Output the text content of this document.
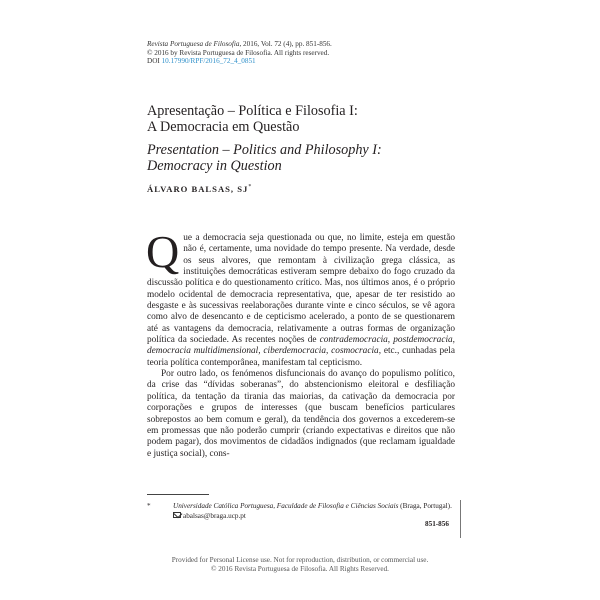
Revista Portuguesa de Filosofia, 2016, Vol. 72 (4), pp. 851-856.
© 2016 by Revista Portuguesa de Filosofia. All rights reserved.
DOI 10.17990/RPF/2016_72_4_0851
Apresentação – Política e Filosofia I:
A Democracia em Questão
Presentation – Politics and Philosophy I:
Democracy in Question
ÁLVARO BALSAS, SJ*

Que a democracia seja questionada ou que, no limite, esteja em questão não é, certamente, uma novidade do tempo presente. Na verdade, desde os seus alvores, que remontam à civilização grega clássica, as instituições democráticas estiveram sempre debaixo do fogo cruzado da discussão política e do questionamento crítico. Mas, nos últimos anos, é o próprio modelo ocidental de democracia representativa, que, apesar de ter resistido ao desgaste e às sucessivas reelaborações durante vinte e cinco séculos, se vê agora como alvo de desencanto e de cepticismo acelerado, a ponto de se questionarem até as vantagens da democracia, relativamente a outras formas de organização política da sociedade. As recentes noções de contrademocracia, postdemocracia, democracia multidimensional, ciberdemocracia, cosmocracia, etc., cunhadas pela teoria política contemporânea, manifestam tal cepticismo.

Por outro lado, os fenómenos disfuncionais do avanço do populismo político, da crise das “dívidas soberanas”, do abstencionismo eleitoral e desfiliação política, da tentação da tirania das maiorias, da cativação da democracia por corporações e grupos de interesses (que buscam benefícios particulares sobrepostos ao bem comum e geral), da tendência dos governos a excederem-se em promessas que não poderão cumprir (criando expectativas e direitos que não podem pagar), dos movimentos de cidadãos indignados (que reclamam igualdade e justiça social), cons-

*	Universidade Católica Portuguesa, Faculdade de Filosofia e Ciências Sociais (Braga, Portugal).
abalsas@braga.ucp.pt
851-856
Provided for Personal License use. Not for reproduction, distribution, or commercial use.
© 2016 Revista Portuguesa de Filosofia. All Rights Reserved.
